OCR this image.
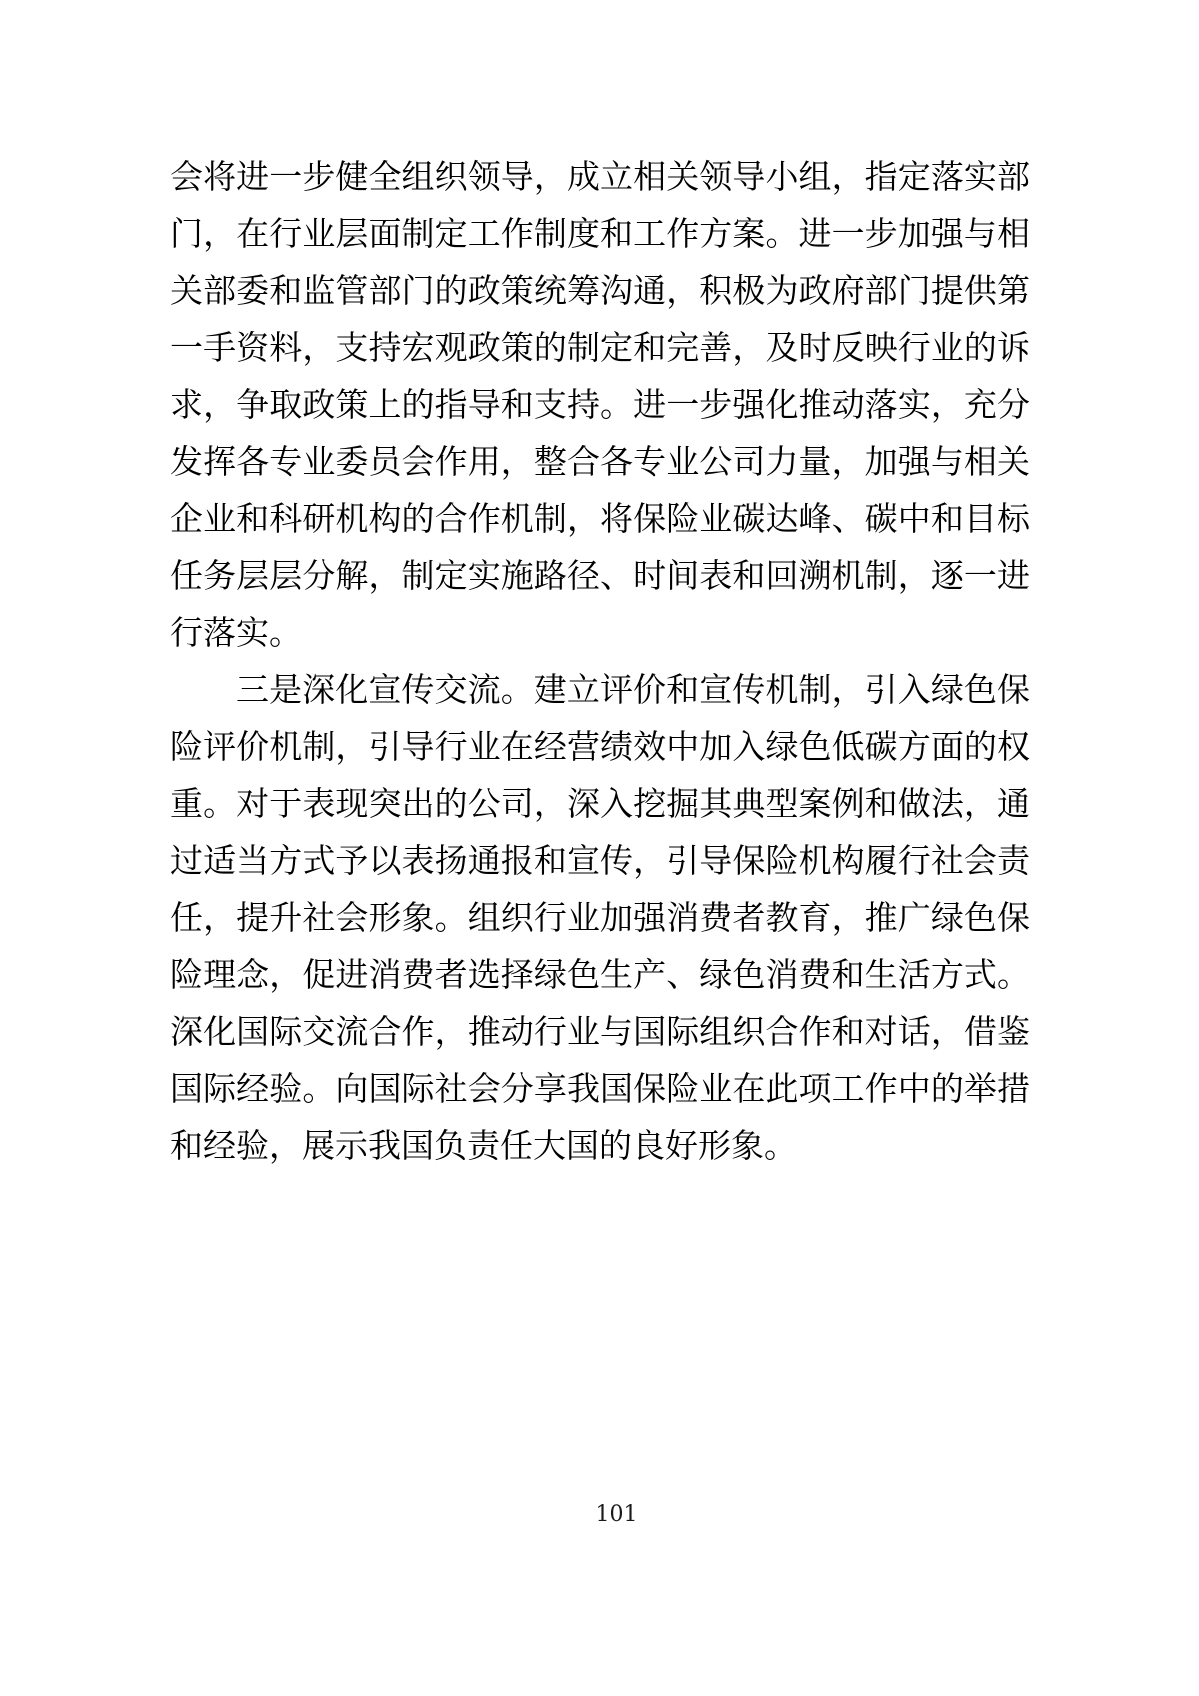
会将进一步健全组织领导，成立相关领导小组，指定落实部
门，在行业层面制定工作制度和工作方案。进一步加强与相
关部委和监管部门的政策统筹沟通，积极为政府部门提供第
一手资料，支持宏观政策的制定和完善，及时反映行业的诉
求，争取政策上的指导和支持。进一步强化推动落实，充分
发挥各专业委员会作用，整合各专业公司力量，加强与相关
企业和科研机构的合作机制，将保险业碳达峰、碳中和目标
任务层层分解，制定实施路径、时间表和回溯机制，逐一进
行落实。
三是深化宣传交流。建立评价和宣传机制，引入绿色保
险评价机制，引导行业在经营绩效中加入绿色低碳方面的权
重。对于表现突出的公司，深入挖掘其典型案例和做法，通
过适当方式予以表扬通报和宣传，引导保险机构履行社会责
任，提升社会形象。组织行业加强消费者教育，推广绿色保
险理念，促进消费者选择绿色生产、绿色消费和生活方式。
深化国际交流合作，推动行业与国际组织合作和对话，借鉴
国际经验。向国际社会分享我国保险业在此项工作中的举措
和经验，展示我国负责任大国的良好形象。
101
